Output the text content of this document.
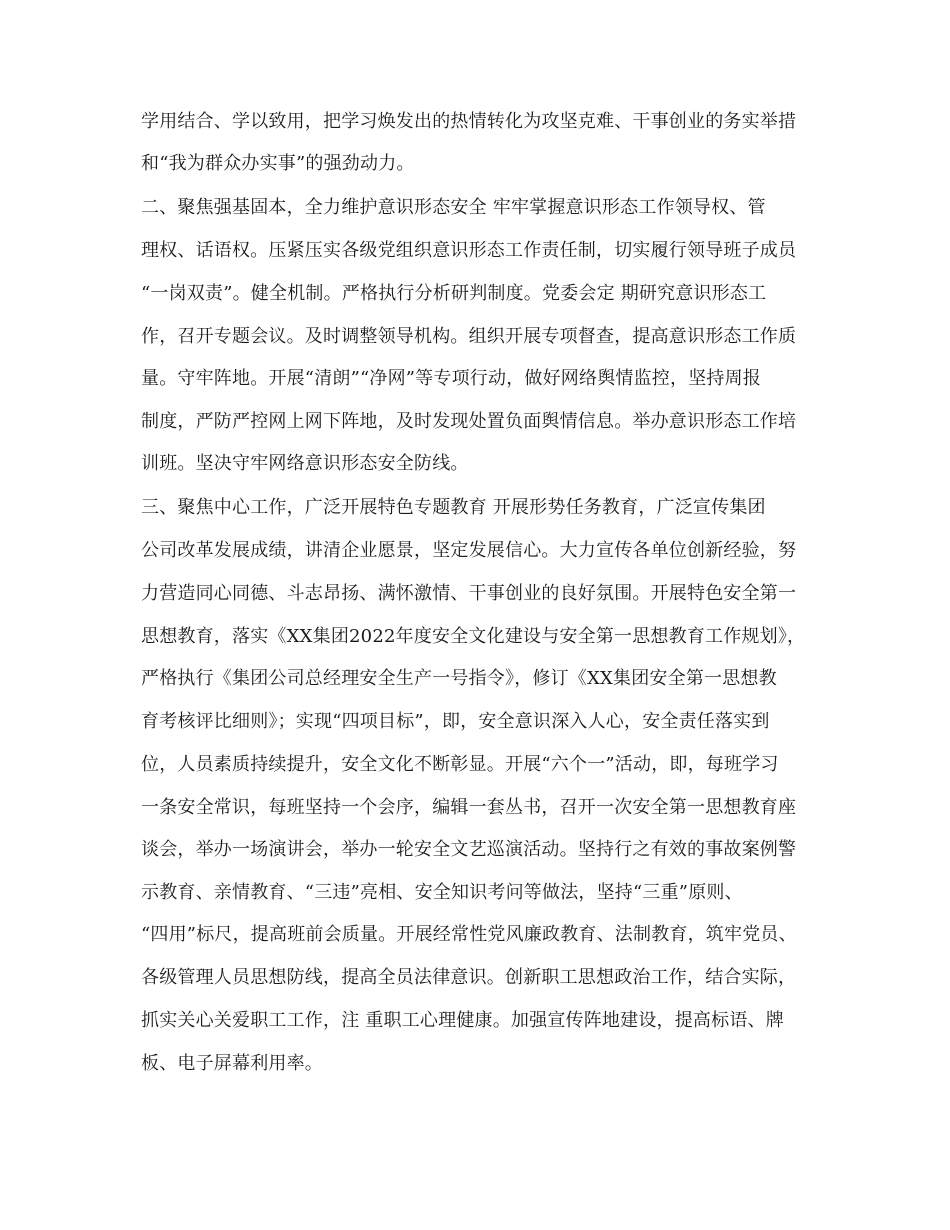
学用结合、学以致用，把学习焕发出的热情转化为攻坚克难、干事创业的务实举措
和“我为群众办实事”的强劲动力。
二、聚焦强基固本，全力维护意识形态安全 牢牢掌握意识形态工作领导权、管
理权、话语权。压紧压实各级党组织意识形态工作责任制，切实履行领导班子成员
“一岗双责”。健全机制。严格执行分析研判制度。党委会定 期研究意识形态工
作，召开专题会议。及时调整领导机构。组织开展专项督查，提高意识形态工作质
量。守牢阵地。开展“清朗”“净网”等专项行动，做好网络舆情监控，坚持周报
制度，严防严控网上网下阵地，及时发现处置负面舆情信息。举办意识形态工作培
训班。坚决守牢网络意识形态安全防线。
三、聚焦中心工作，广泛开展特色专题教育 开展形势任务教育，广泛宣传集团
公司改革发展成绩，讲清企业愿景，坚定发展信心。大力宣传各单位创新经验，努
力营造同心同德、斗志昂扬、满怀激情、干事创业的良好氛围。开展特色安全第一
思想教育，落实《XX集团2022年度安全文化建设与安全第一思想教育工作规划》，
严格执行《集团公司总经理安全生产一号指令》，修订《XX集团安全第一思想教
育考核评比细则》；实现“四项目标”，即，安全意识深入人心，安全责任落实到
位，人员素质持续提升，安全文化不断彰显。开展“六个一”活动，即，每班学习
一条安全常识，每班坚持一个会序，编辑一套丛书，召开一次安全第一思想教育座
谈会，举办一场演讲会，举办一轮安全文艺巡演活动。坚持行之有效的事故案例警
示教育、亲情教育、“三违”亮相、安全知识考问等做法，坚持“三重”原则、
“四用”标尺，提高班前会质量。开展经常性党风廉政教育、法制教育，筑牢党员、
各级管理人员思想防线，提高全员法律意识。创新职工思想政治工作，结合实际，
抓实关心关爱职工工作，注 重职工心理健康。加强宣传阵地建设，提高标语、牌
板、电子屏幕利用率。
